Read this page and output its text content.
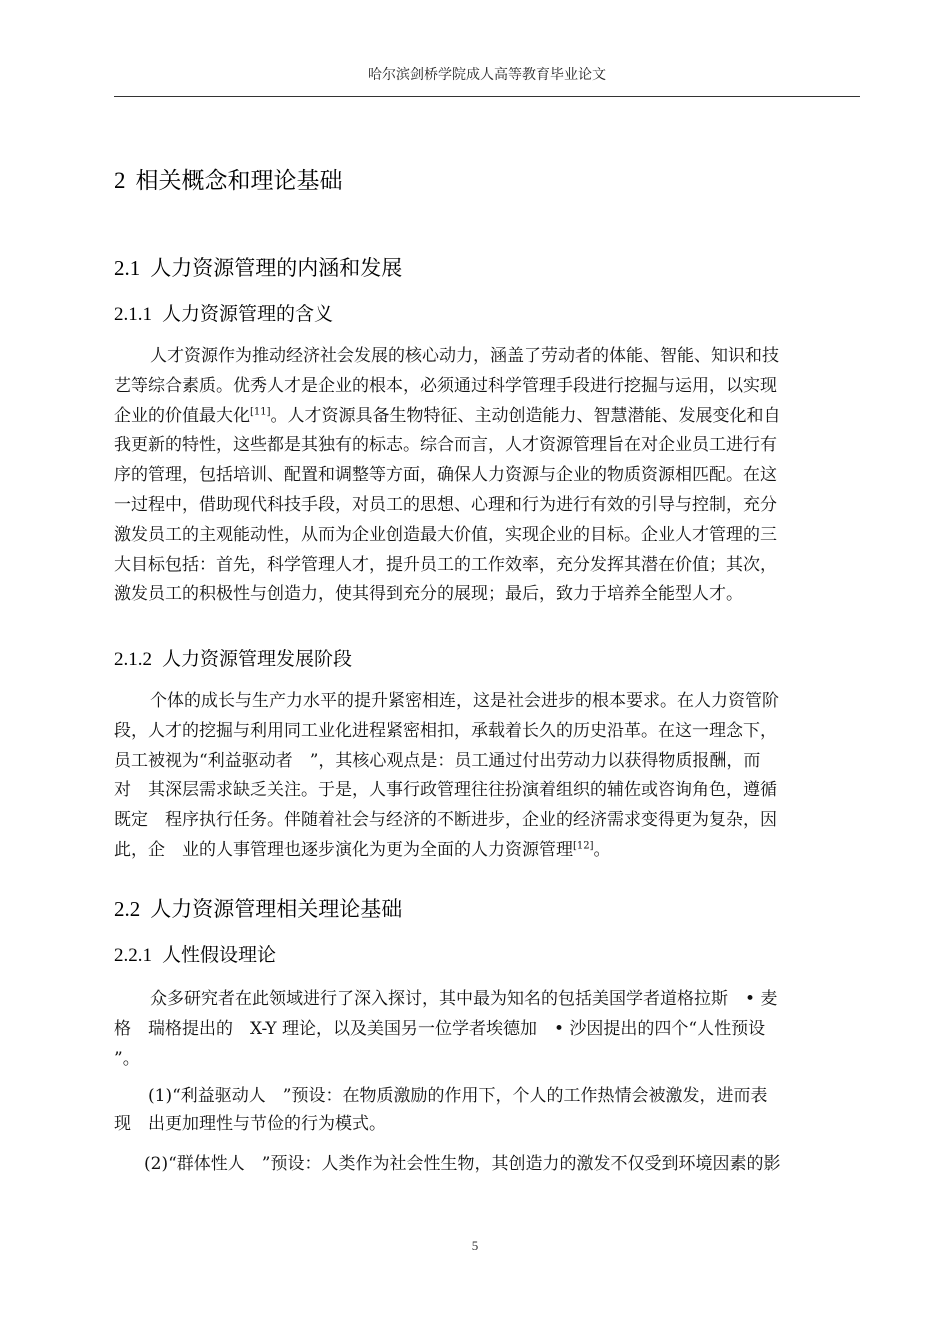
哈尔滨剑桥学院成人高等教育毕业论文
2 相关概念和理论基础
2.1 人力资源管理的内涵和发展
2.1.1 人力资源管理的含义
人才资源作为推动经济社会发展的核心动力，涵盖了劳动者的体能、智能、知识和技
艺等综合素质。优秀人才是企业的根本，必须通过科学管理手段进行挖掘与运用，以实现
企业的价值最大化[11]。人才资源具备生物特征、主动创造能力、智慧潜能、发展变化和自
我更新的特性，这些都是其独有的标志。综合而言，人才资源管理旨在对企业员工进行有
序的管理，包括培训、配置和调整等方面，确保人力资源与企业的物质资源相匹配。在这
一过程中，借助现代科技手段，对员工的思想、心理和行为进行有效的引导与控制，充分
激发员工的主观能动性，从而为企业创造最大价值，实现企业的目标。企业人才管理的三
大目标包括：首先，科学管理人才，提升员工的工作效率，充分发挥其潜在价值；其次，
激发员工的积极性与创造力，使其得到充分的展现；最后，致力于培养全能型人才。
2.1.2 人力资源管理发展阶段
个体的成长与生产力水平的提升紧密相连，这是社会进步的根本要求。在人力资管阶
段，人才的挖掘与利用同工业化进程紧密相扣，承载着长久的历史沿革。在这一理念下，
员工被视为“利益驱动者　”，其核心观点是：员工通过付出劳动力以获得物质报酬，而
对　其深层需求缺乏关注。于是，人事行政管理往往扮演着组织的辅佐或咨询角色，遵循
既定　程序执行任务。伴随着社会与经济的不断进步，企业的经济需求变得更为复杂，因
此，企　业的人事管理也逐步演化为更为全面的人力资源管理[12]。
2.2 人力资源管理相关理论基础
2.2.1 人性假设理论
众多研究者在此领域进行了深入探讨，其中最为知名的包括美国学者道格拉斯　• 麦
格　瑞格提出的　X-Y 理论，以及美国另一位学者埃德加　• 沙因提出的四个“人性预设
”。
(1)“利益驱动人　”预设：在物质激励的作用下，个人的工作热情会被激发，进而表
现　出更加理性与节俭的行为模式。
(2)“群体性人　”预设：人类作为社会性生物，其创造力的激发不仅受到环境因素的影
5
